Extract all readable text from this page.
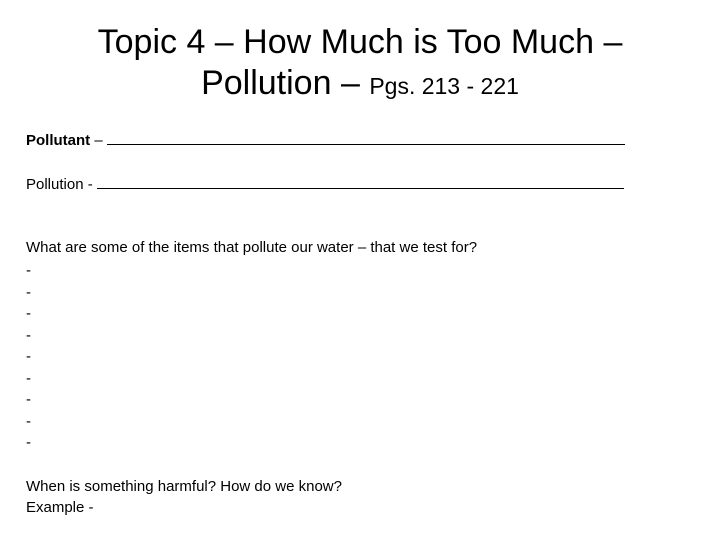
Topic 4 – How Much is Too Much –
Pollution – Pgs. 213 - 221
Pollutant –
Pollution -
What are some of the items that pollute our water – that we test for?
-
-
-
-
-
-
-
-
-
When is something harmful? How do we know?
Example -
